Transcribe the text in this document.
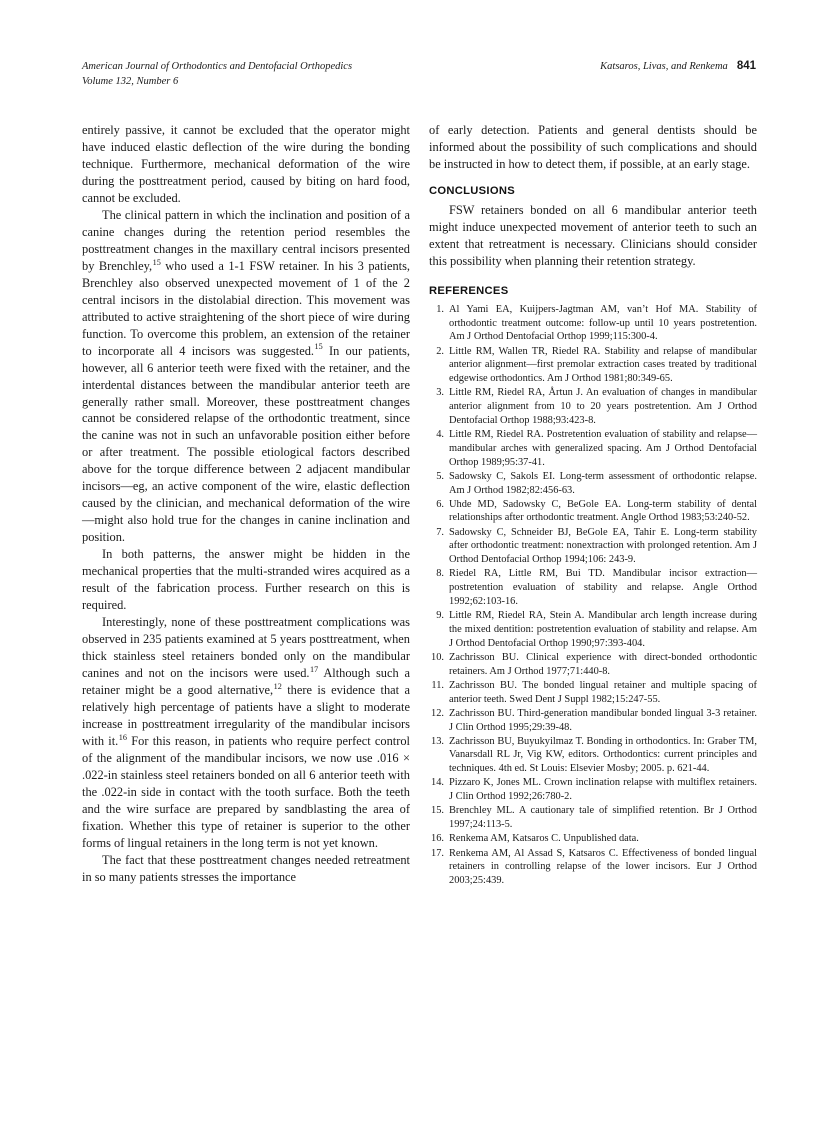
American Journal of Orthodontics and Dentofacial Orthopedics
Volume 132, Number 6
Katsaros, Livas, and Renkema 841

entirely passive, it cannot be excluded that the operator might have induced elastic deflection of the wire during the bonding technique. Furthermore, mechanical deformation of the wire during the posttreatment period, caused by biting on hard food, cannot be excluded.

The clinical pattern in which the inclination and position of a canine changes during the retention period resembles the posttreatment changes in the maxillary central incisors presented by Brenchley,$^{15}$ who used a 1-1 FSW retainer. In his 3 patients, Brenchley also observed unexpected movement of 1 of the 2 central incisors in the distolabial direction. This movement was attributed to active straightening of the short piece of wire during function. To overcome this problem, an extension of the retainer to incorporate all 4 incisors was suggested.$^{15}$ In our patients, however, all 6 anterior teeth were fixed with the retainer, and the interdental distances between the mandibular anterior teeth are generally rather small. Moreover, these posttreatment changes cannot be considered relapse of the orthodontic treatment, since the canine was not in such an unfavorable position either before or after treatment. The possible etiological factors described above for the torque difference between 2 adjacent mandibular incisors—eg, an active component of the wire, elastic deflection caused by the clinician, and mechanical deformation of the wire—might also hold true for the changes in canine inclination and position.

In both patterns, the answer might be hidden in the mechanical properties that the multi-stranded wires acquired as a result of the fabrication process. Further research on this is required.

Interestingly, none of these posttreatment complications was observed in 235 patients examined at 5 years posttreatment, when thick stainless steel retainers bonded only on the mandibular canines and not on the incisors were used.$^{17}$ Although such a retainer might be a good alternative,$^{12}$ there is evidence that a relatively high percentage of patients have a slight to moderate increase in posttreatment irregularity of the mandibular incisors with it.$^{16}$ For this reason, in patients who require perfect control of the alignment of the mandibular incisors, we now use .016 × .022-in stainless steel retainers bonded on all 6 anterior teeth with the .022-in side in contact with the tooth surface. Both the teeth and the wire surface are prepared by sandblasting the area of fixation. Whether this type of retainer is superior to the other forms of lingual retainers in the long term is not yet known.

The fact that these posttreatment changes needed retreatment in so many patients stresses the importance

of early detection. Patients and general dentists should be informed about the possibility of such complications and should be instructed in how to detect them, if possible, at an early stage.

CONCLUSIONS

FSW retainers bonded on all 6 mandibular anterior teeth might induce unexpected movement of anterior teeth to such an extent that retreatment is necessary. Clinicians should consider this possibility when planning their retention strategy.

REFERENCES
1. Al Yami EA, Kuijpers-Jagtman AM, van’t Hof MA. Stability of orthodontic treatment outcome: follow-up until 10 years postretention. Am J Orthod Dentofacial Orthop 1999;115:300-4.
2. Little RM, Wallen TR, Riedel RA. Stability and relapse of mandibular anterior alignment—first premolar extraction cases treated by traditional edgewise orthodontics. Am J Orthod 1981;80:349-65.
3. Little RM, Riedel RA, Årtun J. An evaluation of changes in mandibular anterior alignment from 10 to 20 years postretention. Am J Orthod Dentofacial Orthop 1988;93:423-8.
4. Little RM, Riedel RA. Postretention evaluation of stability and relapse—mandibular arches with generalized spacing. Am J Orthod Dentofacial Orthop 1989;95:37-41.
5. Sadowsky C, Sakols EI. Long-term assessment of orthodontic relapse. Am J Orthod 1982;82:456-63.
6. Uhde MD, Sadowsky C, BeGole EA. Long-term stability of dental relationships after orthodontic treatment. Angle Orthod 1983;53:240-52.
7. Sadowsky C, Schneider BJ, BeGole EA, Tahir E. Long-term stability after orthodontic treatment: nonextraction with prolonged retention. Am J Orthod Dentofacial Orthop 1994;106: 243-9.
8. Riedel RA, Little RM, Bui TD. Mandibular incisor extraction—postretention evaluation of stability and relapse. Angle Orthod 1992;62:103-16.
9. Little RM, Riedel RA, Stein A. Mandibular arch length increase during the mixed dentition: postretention evaluation of stability and relapse. Am J Orthod Dentofacial Orthop 1990;97:393-404.
10. Zachrisson BU. Clinical experience with direct-bonded orthodontic retainers. Am J Orthod 1977;71:440-8.
11. Zachrisson BU. The bonded lingual retainer and multiple spacing of anterior teeth. Swed Dent J Suppl 1982;15:247-55.
12. Zachrisson BU. Third-generation mandibular bonded lingual 3-3 retainer. J Clin Orthod 1995;29:39-48.
13. Zachrisson BU, Buyukyilmaz T. Bonding in orthodontics. In: Graber TM, Vanarsdall RL Jr, Vig KW, editors. Orthodontics: current principles and techniques. 4th ed. St Louis: Elsevier Mosby; 2005. p. 621-44.
14. Pizzaro K, Jones ML. Crown inclination relapse with multiflex retainers. J Clin Orthod 1992;26:780-2.
15. Brenchley ML. A cautionary tale of simplified retention. Br J Orthod 1997;24:113-5.
16. Renkema AM, Katsaros C. Unpublished data.
17. Renkema AM, Al Assad S, Katsaros C. Effectiveness of bonded lingual retainers in controlling relapse of the lower incisors. Eur J Orthod 2003;25:439.
